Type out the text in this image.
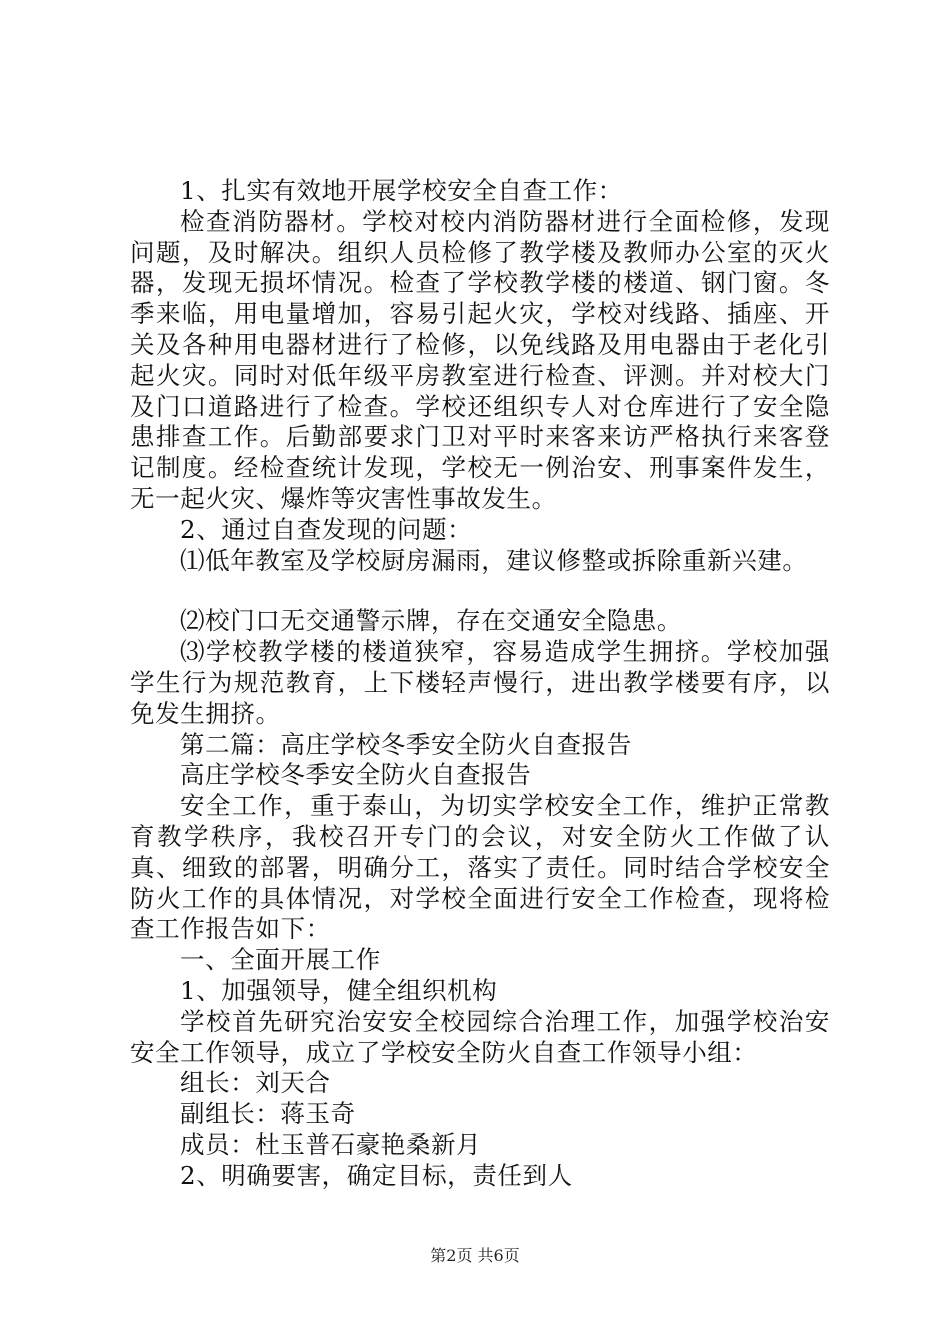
1、扎实有效地开展学校安全自查工作：

检查消防器材。学校对校内消防器材进行全面检修，发现问题，及时解决。组织人员检修了教学楼及教师办公室的灭火器，发现无损坏情况。检查了学校教学楼的楼道、钢门窗。冬季来临，用电量增加，容易引起火灾，学校对线路、插座、开关及各种用电器材进行了检修，以免线路及用电器由于老化引起火灾。同时对低年级平房教室进行检查、评测。并对校大门及门口道路进行了检查。学校还组织专人对仓库进行了安全隐患排查工作。后勤部要求门卫对平时来客来访严格执行来客登记制度。经检查统计发现，学校无一例治安、刑事案件发生，无一起火灾、爆炸等灾害性事故发生。

2、通过自查发现的问题：

⑴低年教室及学校厨房漏雨，建议修整或拆除重新兴建。

⑵校门口无交通警示牌，存在交通安全隐患。

⑶学校教学楼的楼道狭窄，容易造成学生拥挤。学校加强学生行为规范教育，上下楼轻声慢行，进出教学楼要有序，以免发生拥挤。

第二篇：高庄学校冬季安全防火自查报告

高庄学校冬季安全防火自查报告

安全工作，重于泰山，为切实学校安全工作，维护正常教育教学秩序，我校召开专门的会议，对安全防火工作做了认真、细致的部署，明确分工，落实了责任。同时结合学校安全防火工作的具体情况，对学校全面进行安全工作检查，现将检查工作报告如下：

一、全面开展工作

1、加强领导，健全组织机构

学校首先研究治安安全校园综合治理工作，加强学校治安安全工作领导，成立了学校安全防火自查工作领导小组：

组长：刘天合

副组长：蒋玉奇

成员：杜玉普石豪艳桑新月

2、明确要害，确定目标，责任到人

第2页 共6页
